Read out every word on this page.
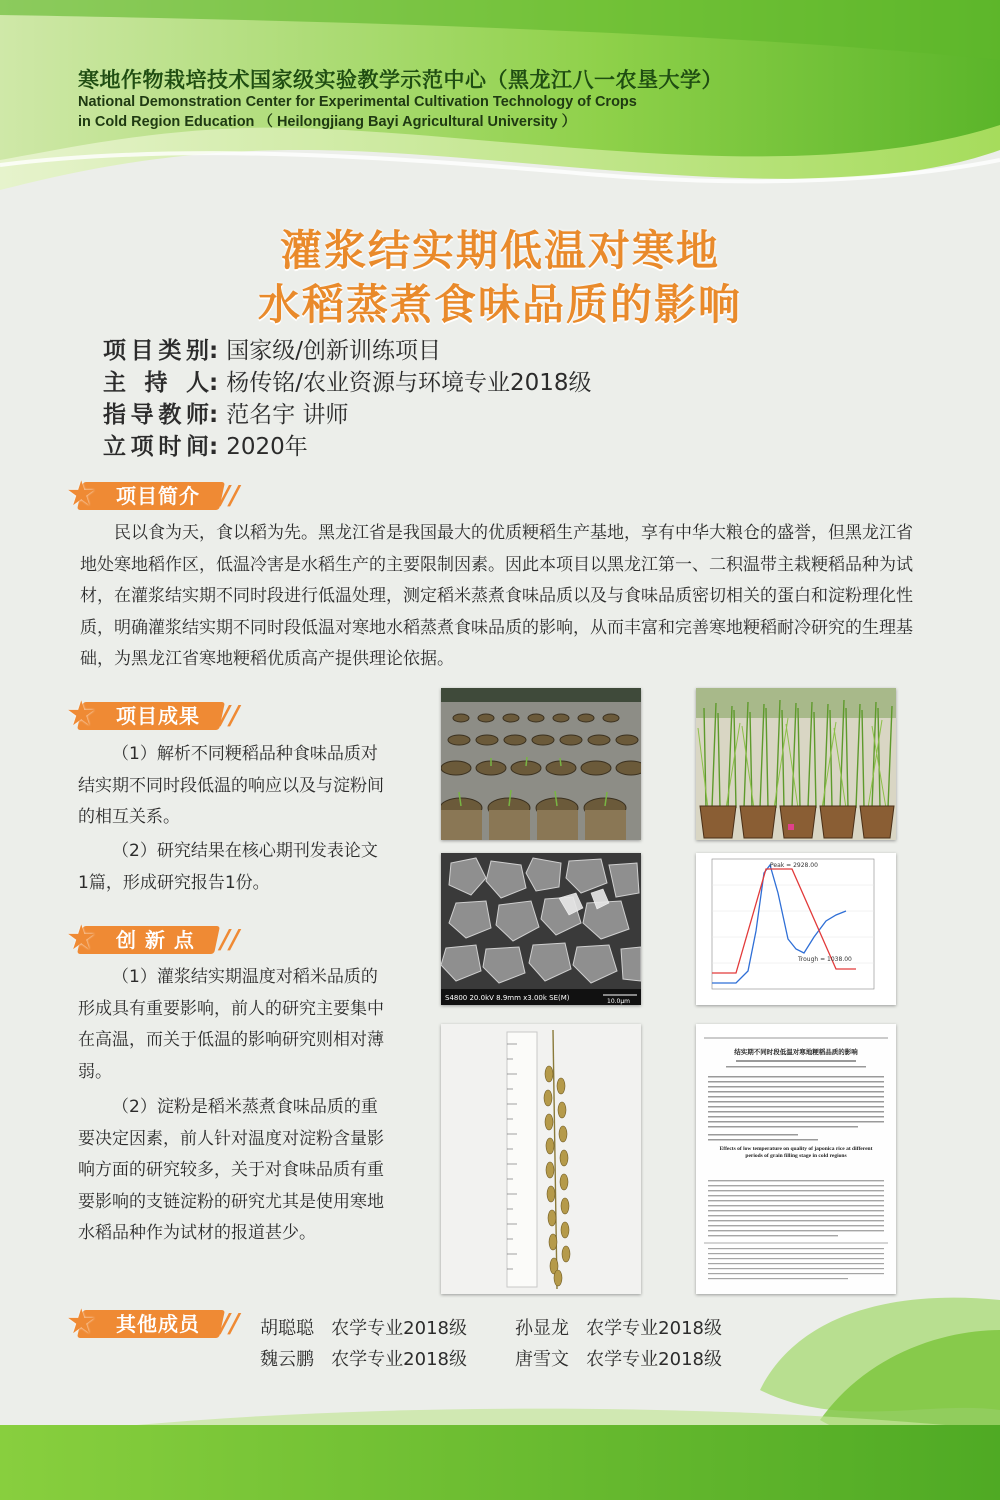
寒地作物栽培技术国家级实验教学示范中心（黑龙江八一农垦大学）
National Demonstration Center for Experimental Cultivation Technology of Crops
in Cold Region Education （ Heilongjiang Bayi Agricultural University ）
灌浆结实期低温对寒地
水稻蒸煮食味品质的影响
项目类别: 国家级/创新训练项目
主持人: 杨传铭/农业资源与环境专业2018级
指导教师: 范名宇 讲师
立项时间: 2020年
项目简介
★	//
民以食为天，食以稻为先。黑龙江省是我国最大的优质粳稻生产基地，享有中华大粮仓的盛誉，但黑龙江省地处寒地稻作区，低温冷害是水稻生产的主要限制因素。因此本项目以黑龙江第一、二积温带主栽粳稻品种为试材，在灌浆结实期不同时段进行低温处理，测定稻米蒸煮食味品质以及与食味品质密切相关的蛋白和淀粉理化性质，明确灌浆结实期不同时段低温对寒地水稻蒸煮食味品质的影响，从而丰富和完善寒地粳稻耐冷研究的生理基础，为黑龙江省寒地粳稻优质高产提供理论依据。
项目成果
★	//
（1）解析不同粳稻品种食味品质对结实期不同时段低温的响应以及与淀粉间的相互关系。
（2）研究结果在核心期刊发表论文1篇，形成研究报告1份。
创 新 点
★	//
（1）灌浆结实期温度对稻米品质的形成具有重要影响，前人的研究主要集中在高温，而关于低温的影响研究则相对薄弱。
（2）淀粉是稻米蒸煮食味品质的重要决定因素，前人针对温度对淀粉含量影响方面的研究较多，关于对食味品质有重要影响的支链淀粉的研究尤其是使用寒地水稻品种作为试材的报道甚少。
S4800 20.0kV 8.9mm x3.00k SE(M)	10.0μm
Peak = 2928.00
Trough = 1038.00
结实期不同时段低温对寒地粳稻品质的影响
Effects of low temperature on quality of japonica rice at different periods of grain filling stage in cold regions
其他成员
★	// 胡聪聪 农学专业2018级	孙显龙 农学专业2018级
魏云鹏 农学专业2018级	唐雪文 农学专业2018级
